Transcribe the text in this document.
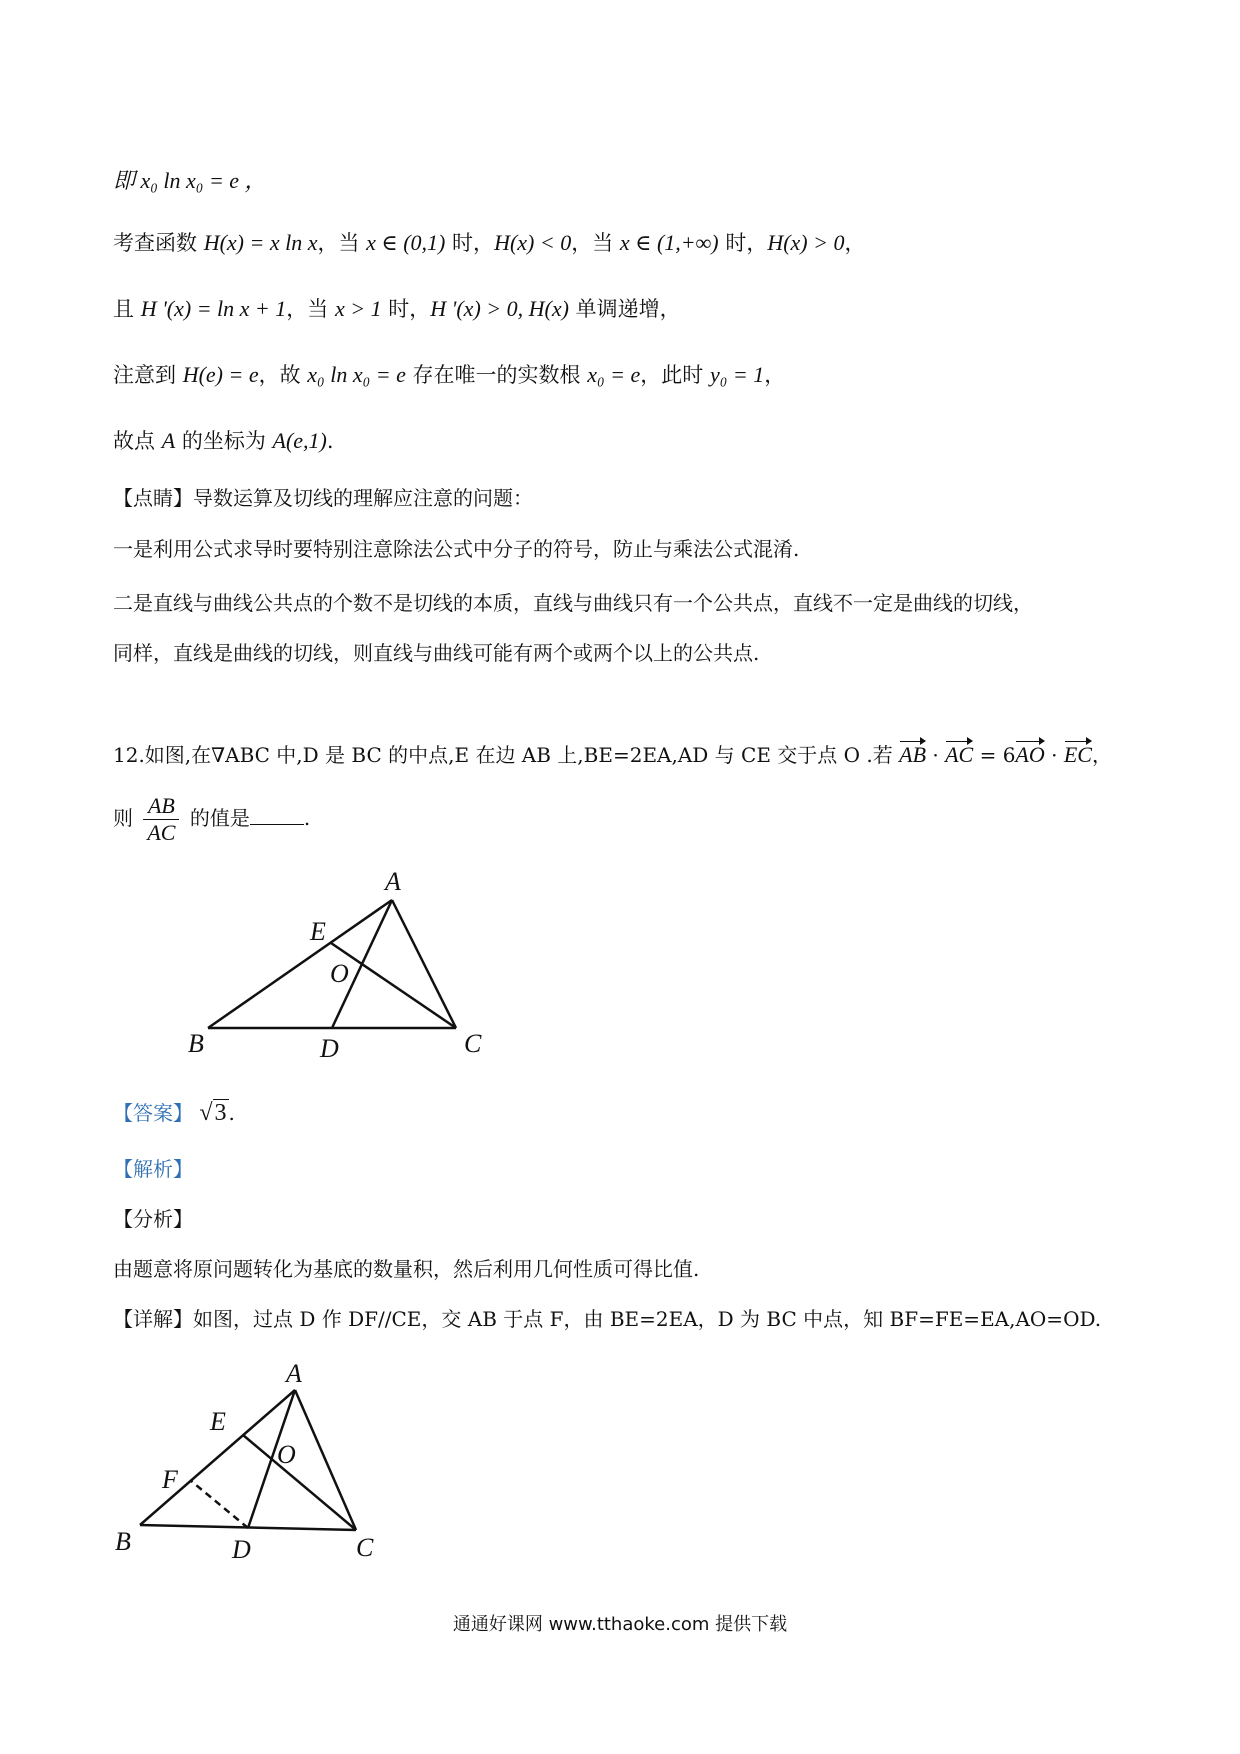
即 x₀ ln x₀ = e ，
考查函数 H(x) = x ln x，当 x ∈ (0,1) 时，H(x) < 0，当 x ∈ (1,+∞) 时，H(x) > 0，
且 H '(x) = ln x + 1，当 x > 1 时，H '(x) > 0, H(x) 单调递增，
注意到 H(e) = e，故 x₀ ln x₀ = e 存在唯一的实数根 x₀ = e，此时 y₀ = 1，
故点 A 的坐标为 A(e,1).
【点睛】导数运算及切线的理解应注意的问题：
一是利用公式求导时要特别注意除法公式中分子的符号，防止与乘法公式混淆.
二是直线与曲线公共点的个数不是切线的本质，直线与曲线只有一个公共点，直线不一定是曲线的切线，
同样，直线是曲线的切线，则直线与曲线可能有两个或两个以上的公共点.
12.如图,在∇ABC 中,D 是 BC 的中点,E 在边 AB 上,BE=2EA,AD 与 CE 交于点 O .若 AB · AC = 6AO · EC，
则 $\frac{AB}{AC}$ 的值是	.
A
B	C
D
E
O
【答案】 √3 .
【解析】
【分析】
由题意将原问题转化为基底的数量积，然后利用几何性质可得比值.
【详解】如图，过点 D 作 DF//CE，交 AB 于点 F，由 BE=2EA，D 为 BC 中点，知 BF=FE=EA,AO=OD.
A
B	C
D
E
F
O
通通好课网 www.tthaoke.com 提供下载
